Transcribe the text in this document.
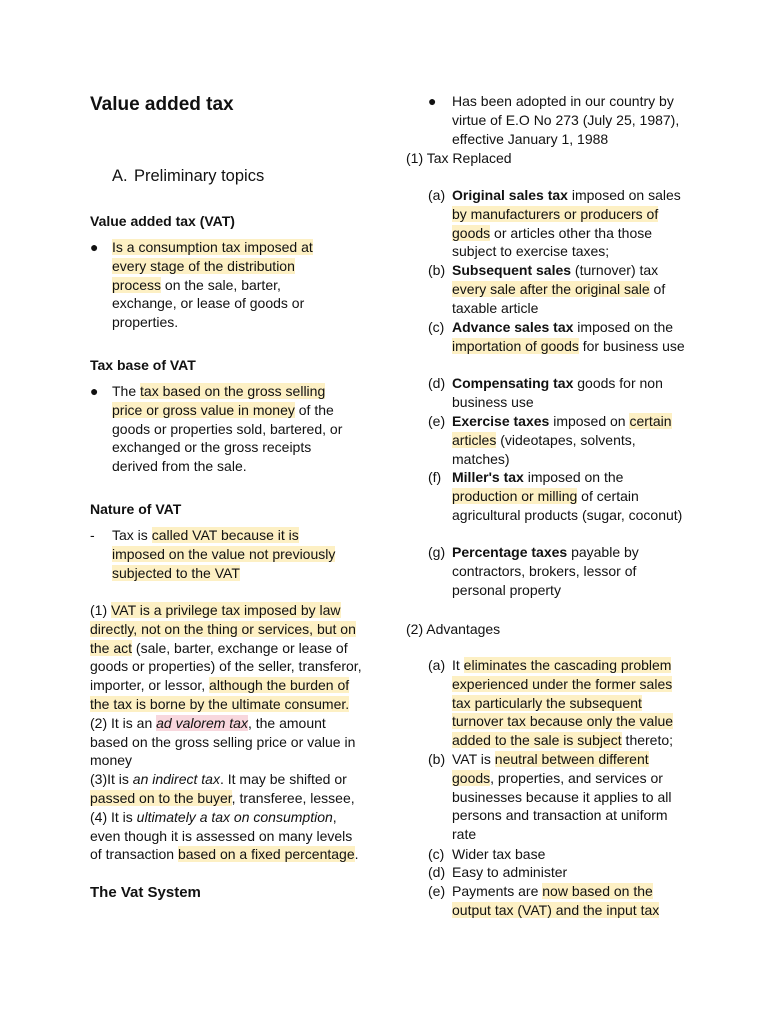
Value added tax
A. Preliminary topics
Value added tax (VAT)
● Is a consumption tax imposed at every stage of the distribution process on the sale, barter, exchange, or lease of goods or properties.
Tax base of VAT
● The tax based on the gross selling price or gross value in money of the goods or properties sold, bartered, or exchanged or the gross receipts derived from the sale.
Nature of VAT
- Tax is called VAT because it is imposed on the value not previously subjected to the VAT

(1) VAT is a privilege tax imposed by law directly, not on the thing or services, but on the act (sale, barter, exchange or lease of goods or properties) of the seller, transferor, importer, or lessor, although the burden of the tax is borne by the ultimate consumer.

(2) It is an ad valorem tax, the amount based on the gross selling price or value in money

(3)It is an indirect tax. It may be shifted or passed on to the buyer, transferee, lessee,

(4) It is ultimately a tax on consumption, even though it is assessed on many levels of transaction based on a fixed percentage.

The Vat System
● Has been adopted in our country by virtue of E.O No 273 (July 25, 1987), effective January 1, 1988
(1) Tax Replaced
(a) Original sales tax imposed on sales by manufacturers or producers of goods or articles other tha those subject to exercise taxes;
(b) Subsequent sales (turnover) tax every sale after the original sale of taxable article
(c) Advance sales tax imposed on the importation of goods for business use
(d) Compensating tax goods for non business use
(e) Exercise taxes imposed on certain articles (videotapes, solvents, matches)
(f) Miller's tax imposed on the production or milling of certain agricultural products (sugar, coconut)
(g) Percentage taxes payable by contractors, brokers, lessor of personal property
(2) Advantages
(a) It eliminates the cascading problem experienced under the former sales tax particularly the subsequent turnover tax because only the value added to the sale is subject thereto;
(b) VAT is neutral between different goods, properties, and services or businesses because it applies to all persons and transaction at uniform rate
(c) Wider tax base
(d) Easy to administer
(e) Payments are now based on the output tax (VAT) and the input tax
